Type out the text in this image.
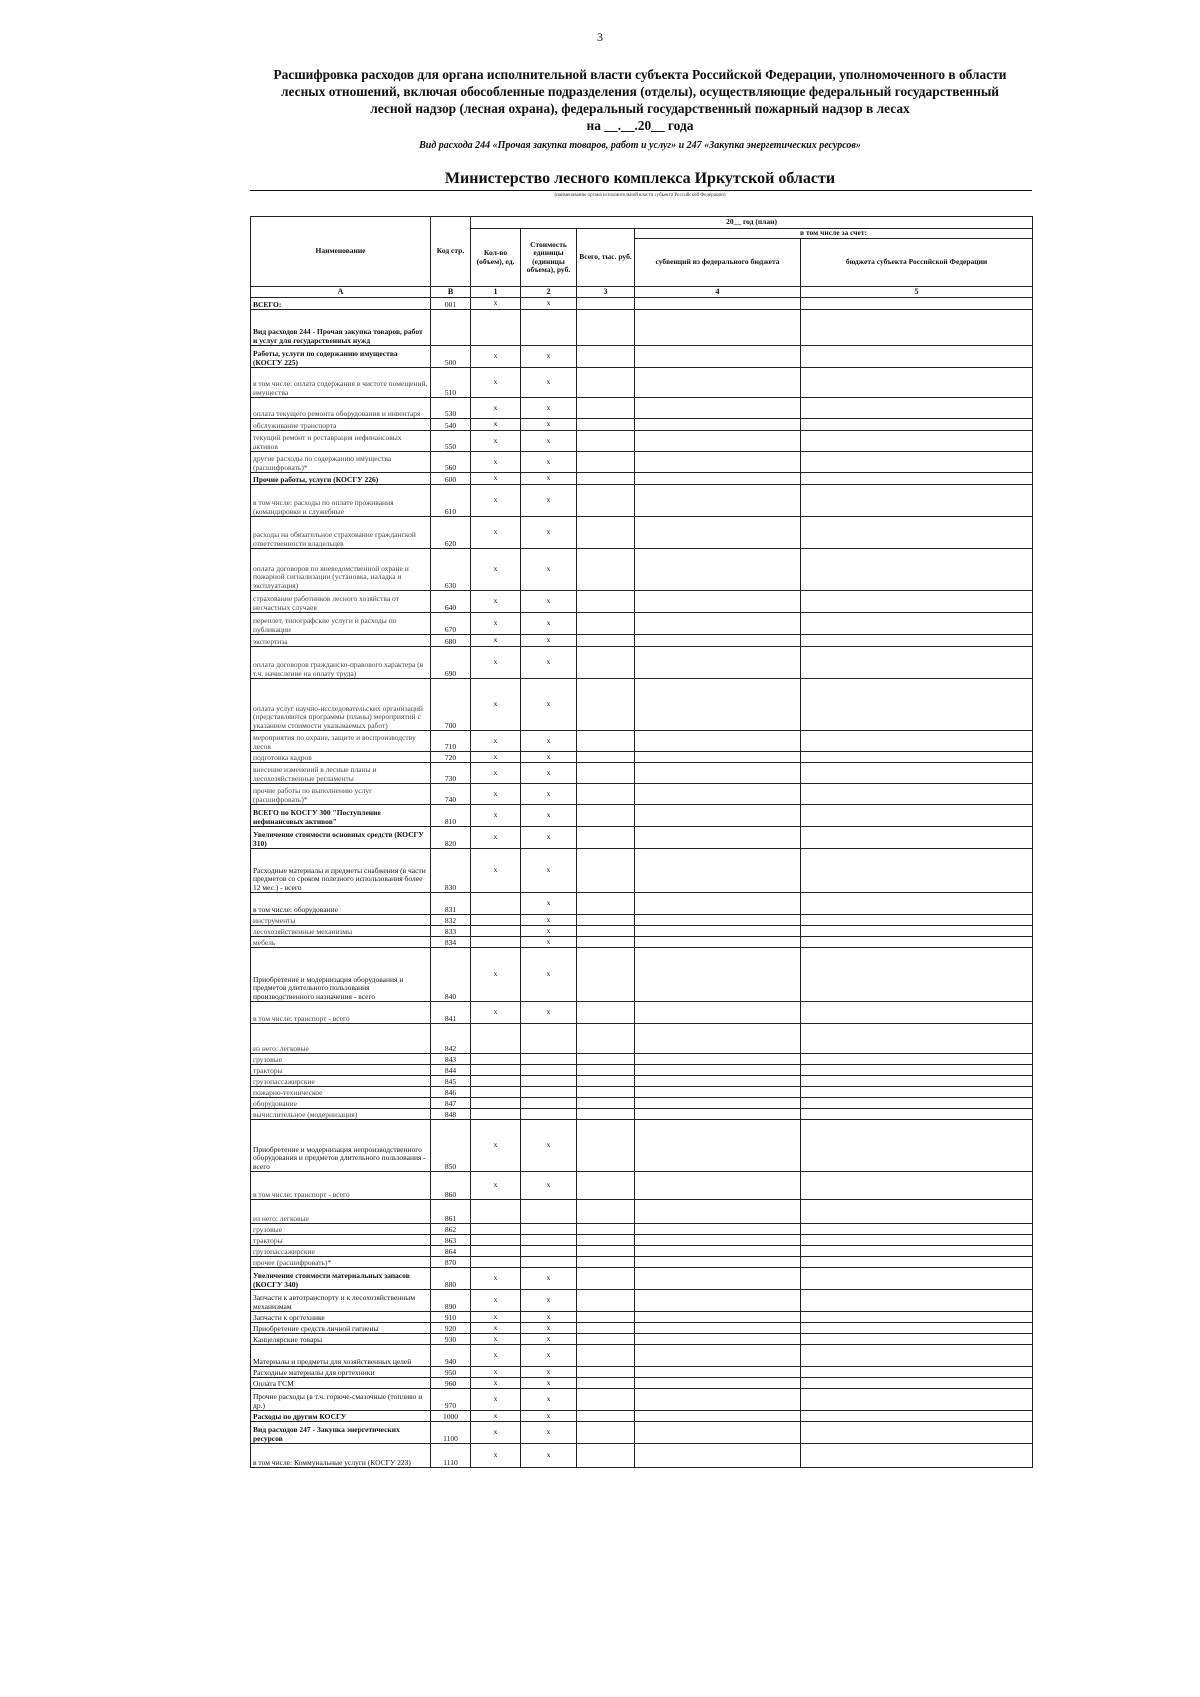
3
Расшифровка расходов для органа исполнительной власти субъекта Российской Федерации, уполномоченного в области
лесных отношений, включая обособленные подразделения (отделы), осуществляющие федеральный государственный
лесной надзор (лесная охрана), федеральный государственный пожарный надзор в лесах
на __.__.20__ года
Вид расхода 244 «Прочая закупка товаров, работ и услуг» и 247 «Закупка энергетических ресурсов»
Министерство лесного комплекса Иркутской области
(наименование органа исполнительной власти субъекта Российской Федерации)
Наименование	Код стр.	20__ год (план)				
		Кол-во (объем), ед.	Стоимость единицы (единицы объема), руб.	Всего, тыс. руб.	в том числе за счет:	
					субвенций из федерального бюджета	бюджета субъекта Российской Федерации
А	В	1	2	3	4	5
ВСЕГО:	001	x	x			
Вид расходов 244 - Прочая закупка товаров, работ и услуг для государственных нужд						
Работы, услуги по содержанию имущества (КОСГУ 225)	500	x	x			
в том числе: оплата содержания в чистоте помещений, имущества	510	x	x			
оплата текущего ремонта оборудования и инвентаря	530	x	x			
обслуживание транспорта	540	x	x			
текущий ремонт и реставрация нефинансовых активов	550	x	x			
другие расходы по содержанию имущества (расшифровать)*	560	x	x			
Прочие работы, услуги (КОСГУ 226)	600	x	x			
в том числе: расходы по оплате проживания (командировки и служебные	610	x	x			
расходы на обязательное страхование гражданской ответственности владельцев	620	x	x			
оплата договоров по вневедомственной охране и пожарной сигнализации (установка, наладка и эксплуатация)	630	x	x			
страхование работников лесного хозяйства от несчастных случаев	640	x	x			
переплет, типографские услуги и расходы по публикации	670	x	x			
экспертиза	680	x	x			
оплата договоров гражданско-правового характера (в т.ч. начисление на оплату труда)	690	x	x			
оплата услуг научно-исследовательских организаций (представляются программы (планы) мероприятий с указанием стоимости указываемых работ)	700	x	x			
мероприятия по охране, защите и воспроизводству лесов	710	x	x			
подготовка кадров	720	x	x			
внесение изменений в лесные планы и лесохозяйственные регламенты	730	x	x			
прочие работы по выполнению услуг (расшифровать)*	740	x	x			
ВСЕГО по КОСГУ 300 "Поступление нефинансовых активов"	810	x	x			
Увеличение стоимости основных средств (КОСГУ 310)	820	x	x			
Расходные материалы и предметы снабжения (в части предметов со сроком полезного использования более 12 мес.) - всего	830	x	x			
в том числе: оборудование	831		x			
инструменты	832		x			
лесохозяйственные механизмы	833		x			
мебель	834		x			
Приобретение и модернизация оборудования и предметов длительного пользования производственного назначения - всего	840	x	x			
в том числе: транспорт - всего	841	x	x			
из него: легковые	842					
грузовые	843					
тракторы	844					
грузопассажирские	845					
пожарно-техническое	846					
оборудование	847					
вычислительное (модернизация)	848					
Приобретение и модернизация непроизводственного оборудования и предметов длительного пользования - всего	850	x	x			
в том числе: транспорт - всего	860	x	x			
из него: легковые	861					
грузовые	862					
тракторы	863					
грузопассажирские	864					
прочее (расшифровать)*	870					
Увеличение стоимости материальных запасов (КОСГУ 340)	880	x	x			
Запчасти к автотранспорту и к лесохозяйственным механизмам	890	x	x			
Запчасти к оргтехнике	910	x	x			
Приобретение средств личной гигиены	920	x	x			
Канцелярские товары	930	x	x			
Материалы и предметы для хозяйственных целей	940	x	x			
Расходные материалы для оргтехники	950	x	x			
Оплата ГСМ	960	x	x			
Прочие расходы (в т.ч. горюче-смазочные (топливо и др.)	970	x	x			
Расходы по другим КОСГУ	1000	x	x			
Вид расходов 247 - Закупка энергетических ресурсов	1100	x	x			
в том числе: Коммунальные услуги (КОСГУ 223)	1110	x	x			
